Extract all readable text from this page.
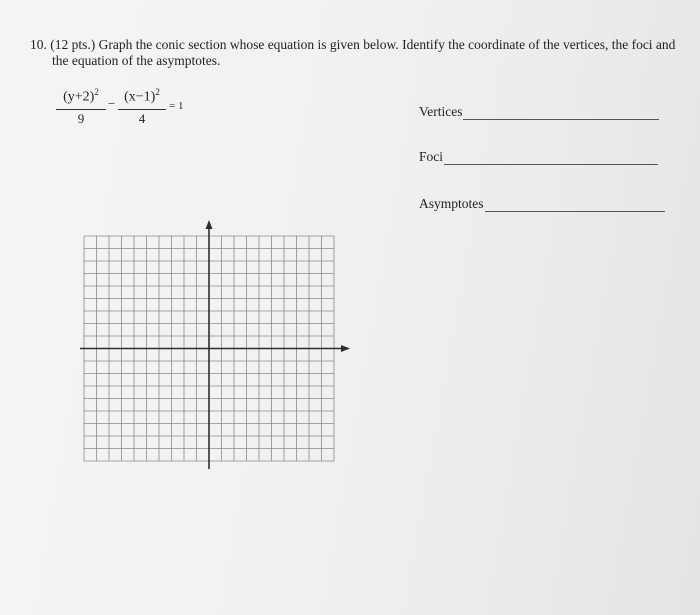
10. (12 pts.) Graph the conic section whose equation is given below. Identify the coordinate of the vertices, the foci and
the equation of the asymptotes.
$(y+2)^2$
9
− $(x-1)^2$
4
= 1	Vertices
Foci
Asymptotes
